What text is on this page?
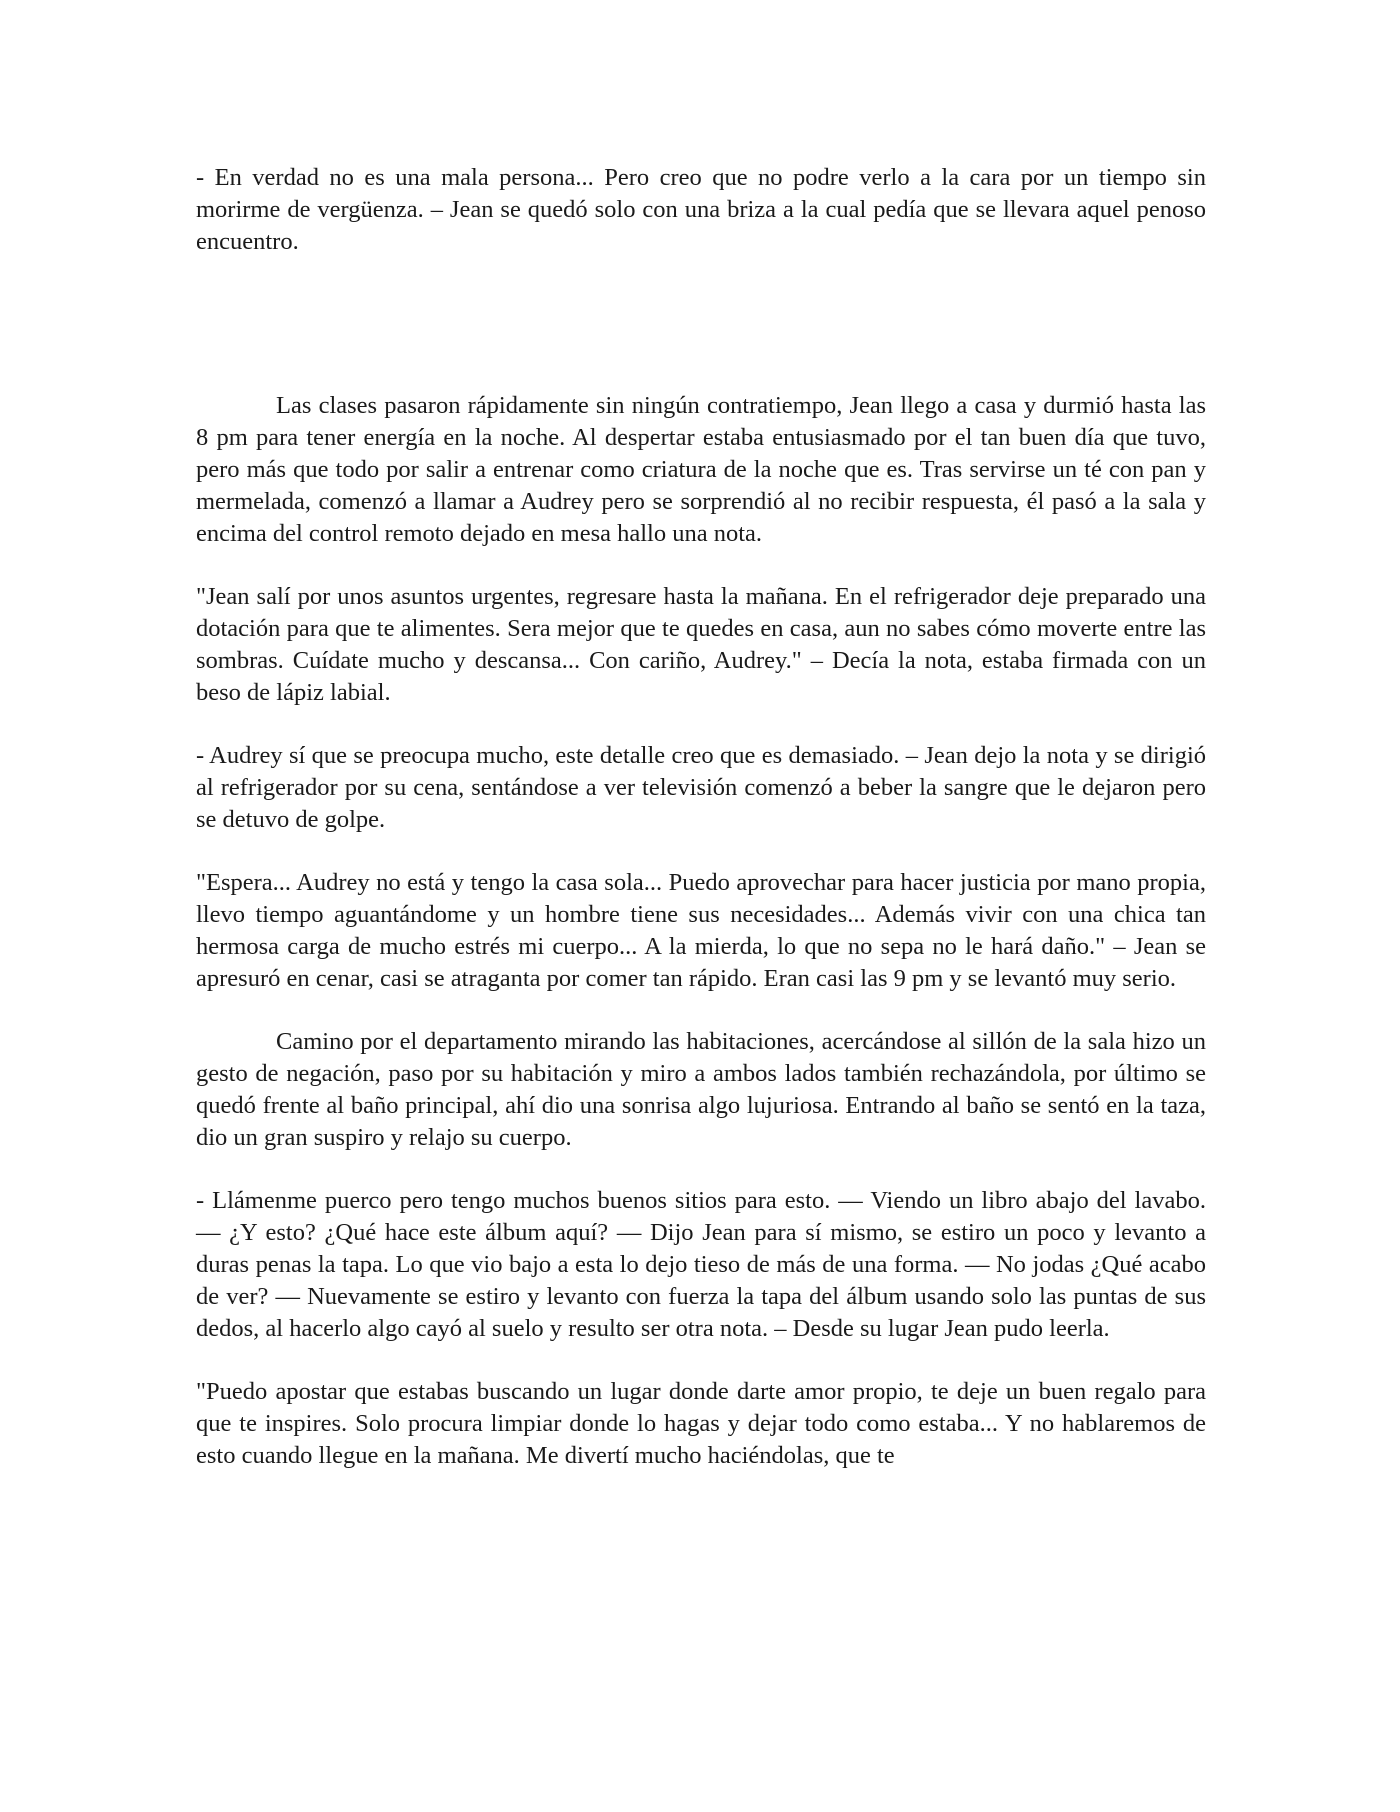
- En verdad no es una mala persona... Pero creo que no podre verlo a la cara por un tiempo sin morirme de vergüenza. – Jean se quedó solo con una briza a la cual pedía que se llevara aquel penoso encuentro.

Las clases pasaron rápidamente sin ningún contratiempo, Jean llego a casa y durmió hasta las 8 pm para tener energía en la noche. Al despertar estaba entusiasmado por el tan buen día que tuvo, pero más que todo por salir a entrenar como criatura de la noche que es. Tras servirse un té con pan y mermelada, comenzó a llamar a Audrey pero se sorprendió al no recibir respuesta, él pasó a la sala y encima del control remoto dejado en mesa hallo una nota.

"Jean salí por unos asuntos urgentes, regresare hasta la mañana. En el refrigerador deje preparado una dotación para que te alimentes. Sera mejor que te quedes en casa, aun no sabes cómo moverte entre las sombras. Cuídate mucho y descansa... Con cariño, Audrey." – Decía la nota, estaba firmada con un beso de lápiz labial.

- Audrey sí que se preocupa mucho, este detalle creo que es demasiado. – Jean dejo la nota y se dirigió al refrigerador por su cena, sentándose a ver televisión comenzó a beber la sangre que le dejaron pero se detuvo de golpe.

"Espera... Audrey no está y tengo la casa sola... Puedo aprovechar para hacer justicia por mano propia, llevo tiempo aguantándome y un hombre tiene sus necesidades... Además vivir con una chica tan hermosa carga de mucho estrés mi cuerpo... A la mierda, lo que no sepa no le hará daño." – Jean se apresuró en cenar, casi se atraganta por comer tan rápido. Eran casi las 9 pm y se levantó muy serio.

Camino por el departamento mirando las habitaciones, acercándose al sillón de la sala hizo un gesto de negación, paso por su habitación y miro a ambos lados también rechazándola, por último se quedó frente al baño principal, ahí dio una sonrisa algo lujuriosa. Entrando al baño se sentó en la taza, dio un gran suspiro y relajo su cuerpo.

- Llámenme puerco pero tengo muchos buenos sitios para esto. — Viendo un libro abajo del lavabo. — ¿Y esto? ¿Qué hace este álbum aquí? — Dijo Jean para sí mismo, se estiro un poco y levanto a duras penas la tapa. Lo que vio bajo a esta lo dejo tieso de más de una forma. — No jodas ¿Qué acabo de ver? — Nuevamente se estiro y levanto con fuerza la tapa del álbum usando solo las puntas de sus dedos, al hacerlo algo cayó al suelo y resulto ser otra nota. – Desde su lugar Jean pudo leerla.

"Puedo apostar que estabas buscando un lugar donde darte amor propio, te deje un buen regalo para que te inspires. Solo procura limpiar donde lo hagas y dejar todo como estaba... Y no hablaremos de esto cuando llegue en la mañana. Me divertí mucho haciéndolas, que te
